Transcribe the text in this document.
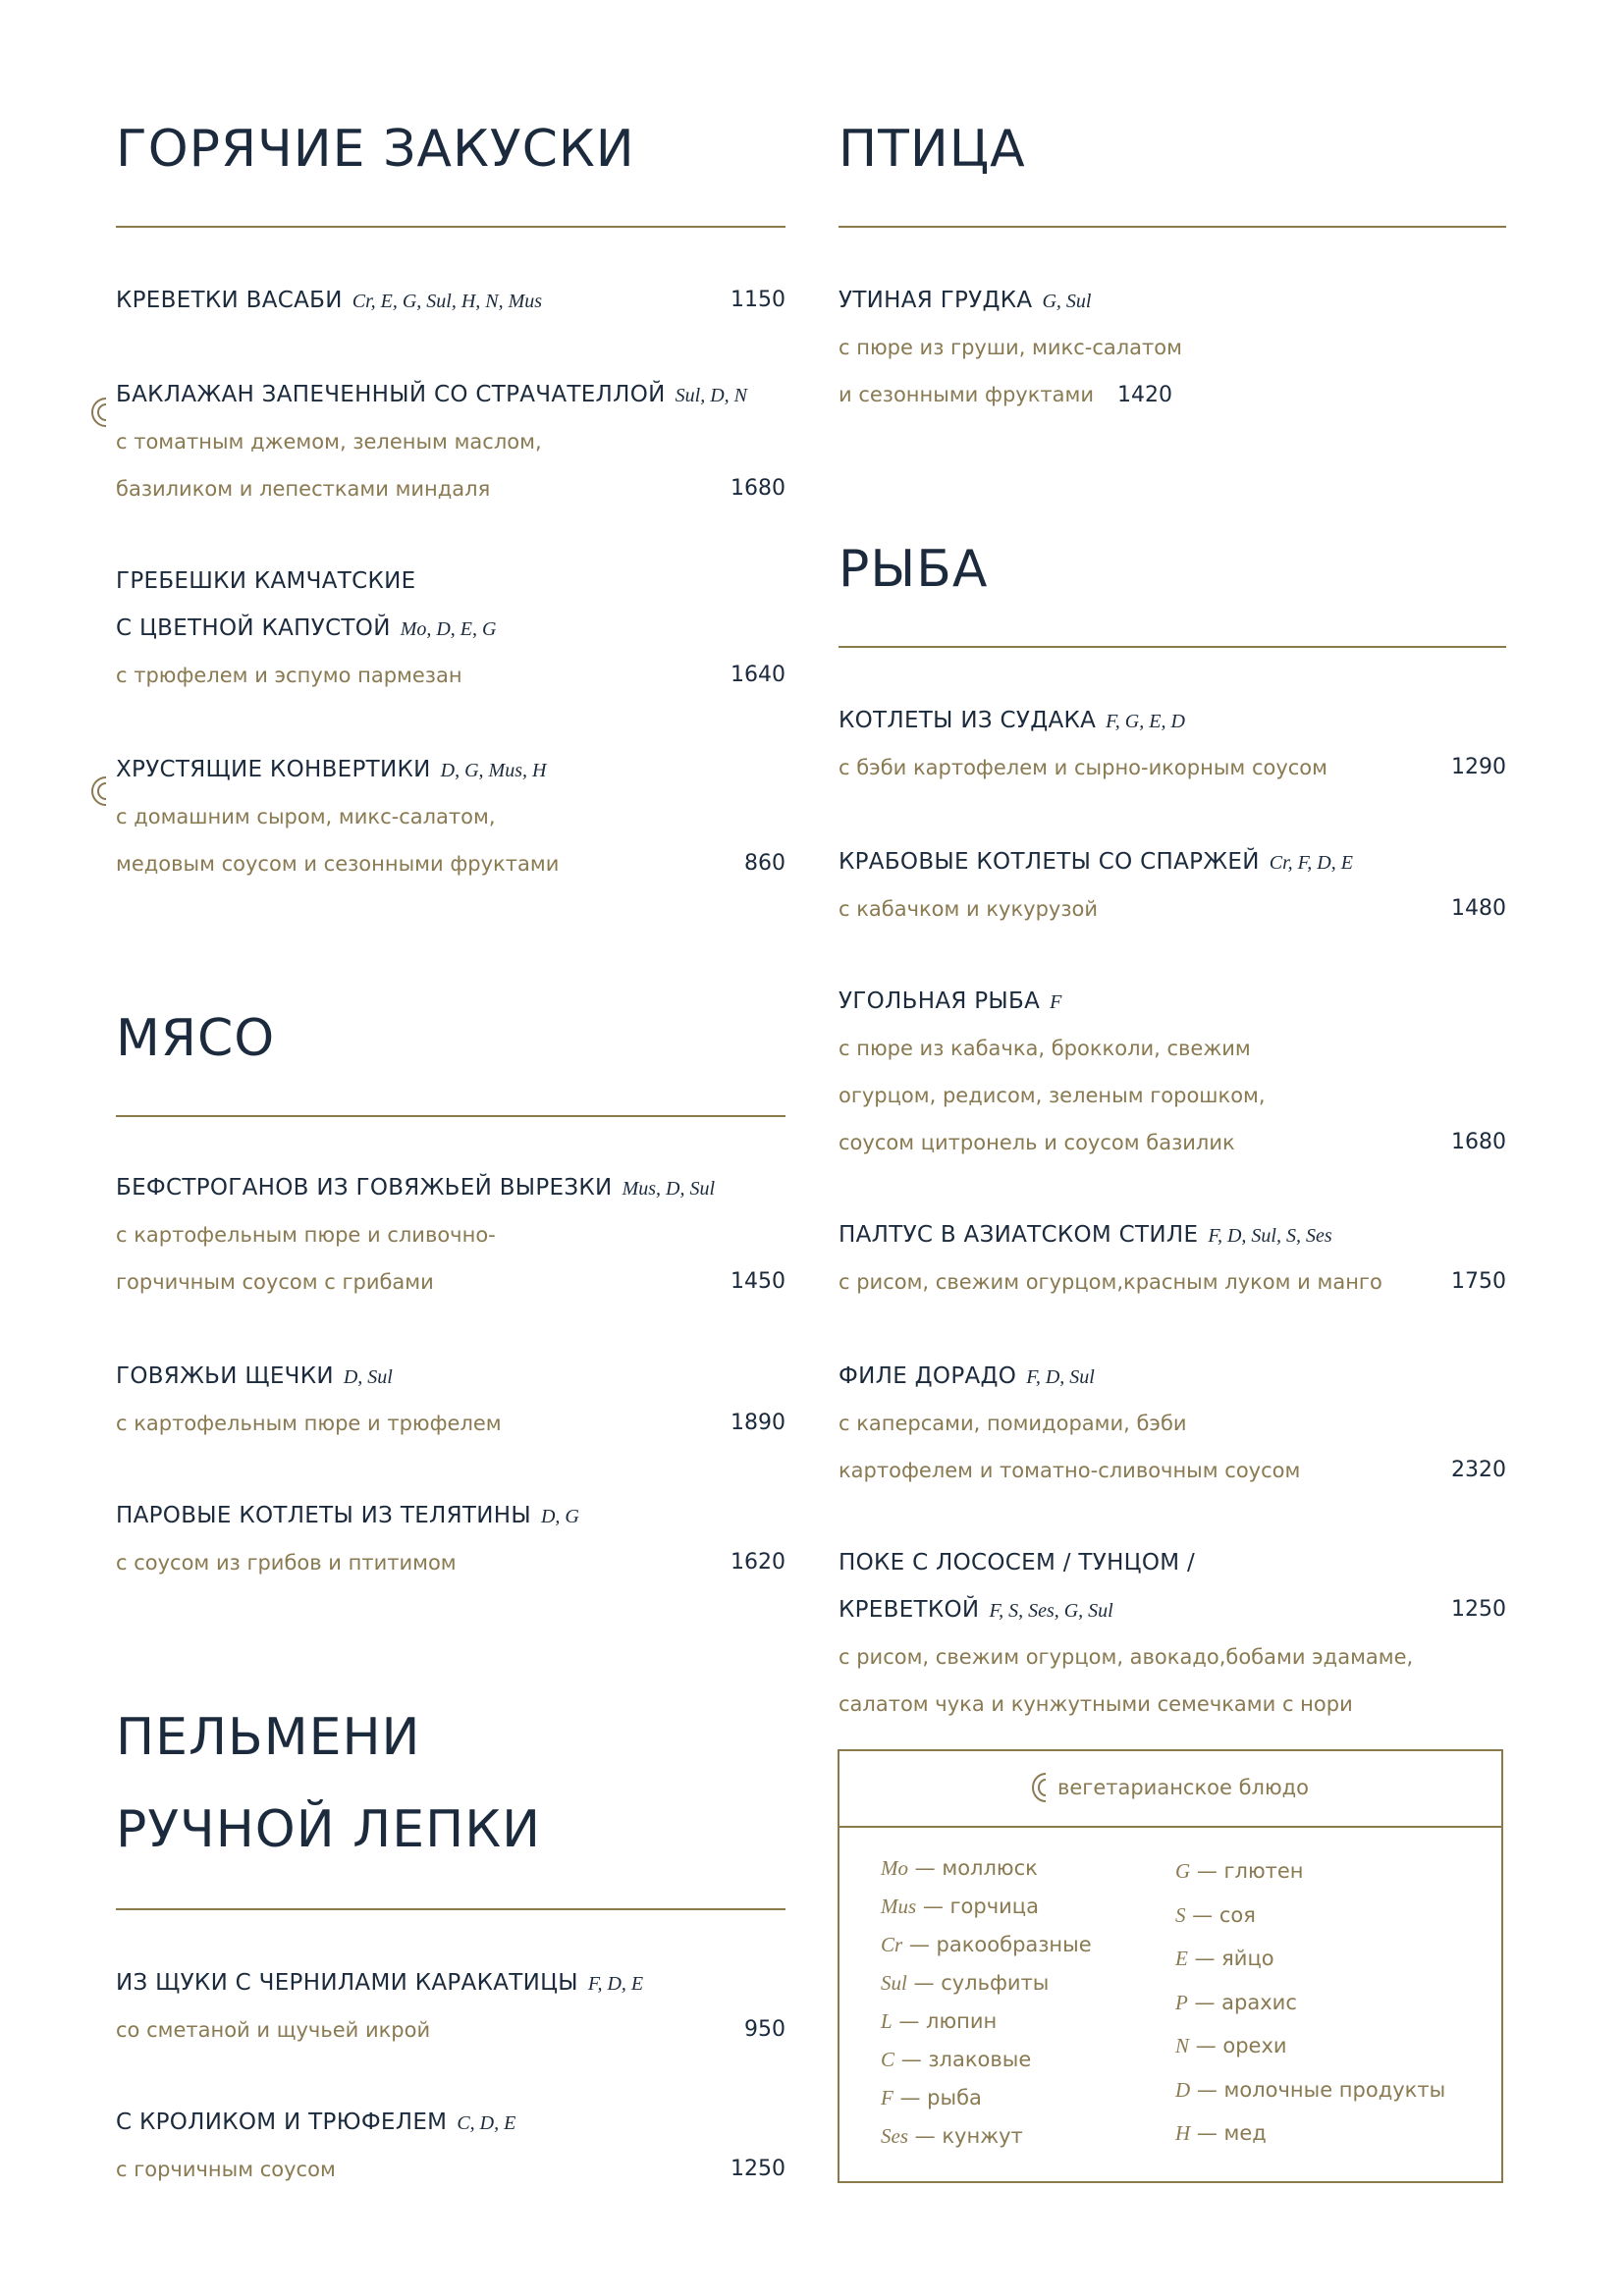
ГОРЯЧИЕ ЗАКУСКИ
КРЕВЕТКИ ВАСАБИ Cr, E, G, Sul, H, N, Mus	1150
БАКЛАЖАН ЗАПЕЧЕННЫЙ СО СТРАЧАТЕЛЛОЙ Sul, D, N
с томатным джемом, зеленым маслом,
базиликом и лепестками миндаля	1680
ГРЕБЕШКИ КАМЧАТСКИЕ
С ЦВЕТНОЙ КАПУСТОЙ Mo, D, E, G
с трюфелем и эспумо пармезан	1640
ХРУСТЯЩИЕ КОНВЕРТИКИ D, G, Mus, H
с домашним сыром, микс-салатом,
медовым соусом и сезонными фруктами	860
МЯСО
БЕФСТРОГАНОВ ИЗ ГОВЯЖЬЕЙ ВЫРЕЗКИ Mus, D, Sul
с картофельным пюре и сливочно-
горчичным соусом с грибами	1450
ГОВЯЖЬИ ЩЕЧКИ D, Sul
с картофельным пюре и трюфелем	1890
ПАРОВЫЕ КОТЛЕТЫ ИЗ ТЕЛЯТИНЫ D, G
с соусом из грибов и птитимом	1620
ПЕЛЬМЕНИ
РУЧНОЙ ЛЕПКИ
ИЗ ЩУКИ С ЧЕРНИЛАМИ КАРАКАТИЦЫ F, D, E
со сметаной и щучьей икрой	950
С КРОЛИКОМ И ТРЮФЕЛЕМ C, D, E
с горчичным соусом	1250
ПТИЦА
УТИНАЯ ГРУДКА G, Sul
с пюре из груши, микс-салатом
и сезонными фруктами 1420
РЫБА
КОТЛЕТЫ ИЗ СУДАКА F, G, E, D
с бэби картофелем и сырно-икорным соусом	1290
КРАБОВЫЕ КОТЛЕТЫ СО СПАРЖЕЙ Cr, F, D, E
с кабачком и кукурузой	1480
УГОЛЬНАЯ РЫБА F
с пюре из кабачка, брокколи, свежим
огурцом, редисом, зеленым горошком,
соусом цитронель и соусом базилик	1680
ПАЛТУС В АЗИАТСКОМ СТИЛЕ F, D, Sul, S, Ses
с рисом, свежим огурцом,красным луком и манго	1750
ФИЛЕ ДОРАДО F, D, Sul
с каперсами, помидорами, бэби
картофелем и томатно-сливочным соусом	2320
ПОКЕ С ЛОСОСЕМ / ТУНЦОМ /
КРЕВЕТКОЙ F, S, Ses, G, Sul	1250
с рисом, свежим огурцом, авокадо,бобами эдамаме,
салатом чука и кунжутными семечками с нори
вегетарианское блюдо
Mo — моллюск
Mus — горчица
Cr — ракообразные
Sul — сульфиты
L — люпин
C — злаковые
F — рыба
Ses — кунжут
G — глютен
S — соя
E — яйцо
P — арахис
N — орехи
D — молочные продукты
H — мед
